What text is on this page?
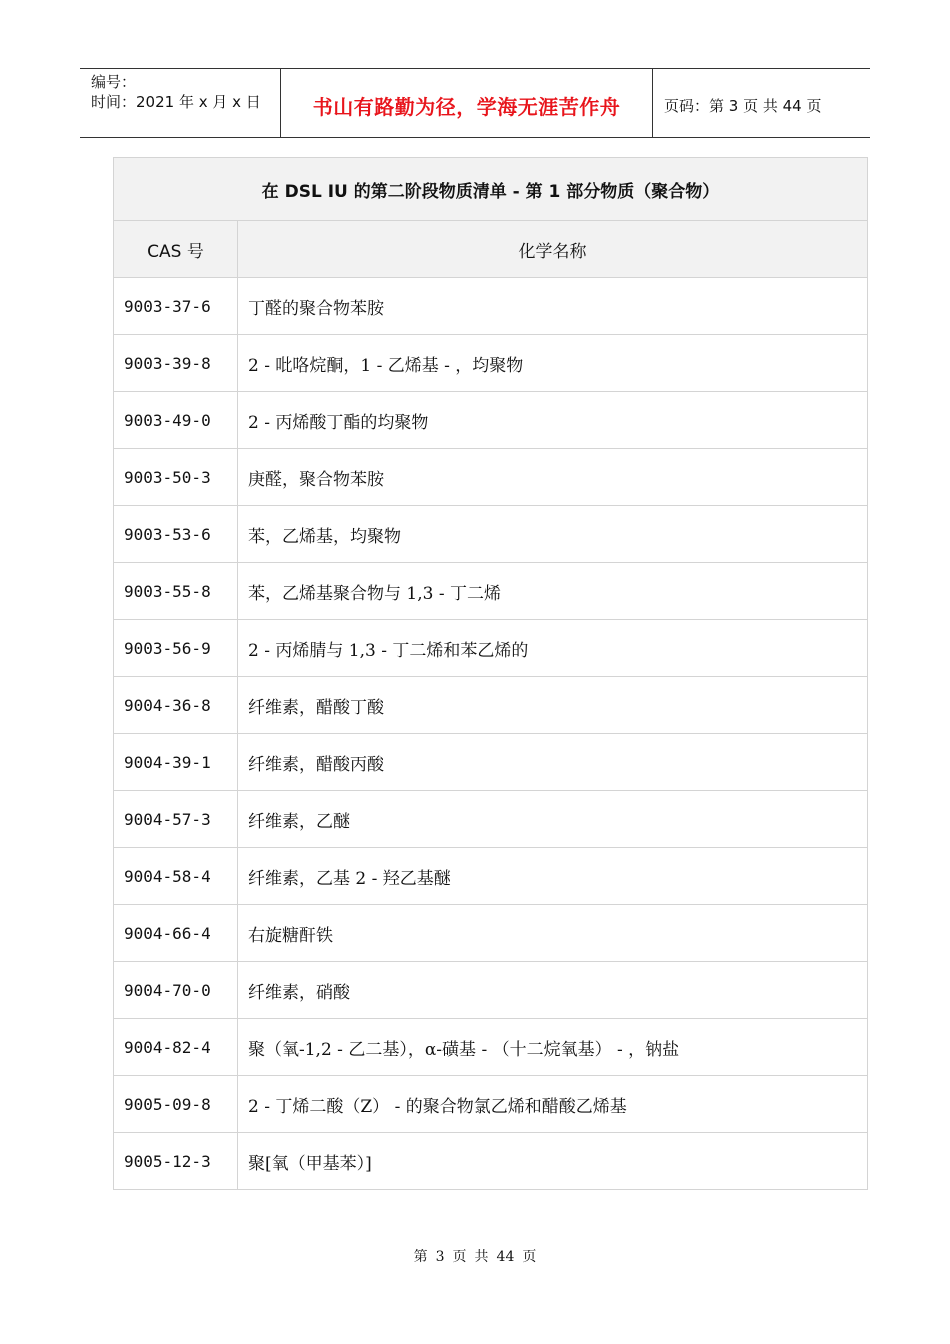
编号：
时间：2021 年 x 月 x 日	书山有路勤为径，学海无涯苦作舟	页码：第 3 页 共 44 页
在 DSL IU 的第二阶段物质清单 - 第 1 部分物质（聚合物）	
CAS 号	化学名称
9003-37-6	丁醛的聚合物苯胺
9003-39-8	2 - 吡咯烷酮，1 - 乙烯基 - ，均聚物
9003-49-0	2 - 丙烯酸丁酯的均聚物
9003-50-3	庚醛，聚合物苯胺
9003-53-6	苯，乙烯基，均聚物
9003-55-8	苯，乙烯基聚合物与 1,3 - 丁二烯
9003-56-9	2 - 丙烯腈与 1,3 - 丁二烯和苯乙烯的
9004-36-8	纤维素，醋酸丁酸
9004-39-1	纤维素，醋酸丙酸
9004-57-3	纤维素，乙醚
9004-58-4	纤维素，乙基 2 - 羟乙基醚
9004-66-4	右旋糖酐铁
9004-70-0	纤维素，硝酸
9004-82-4	聚（氧-1,2 - 乙二基），α-磺基 - （十二烷氧基） - ，钠盐
9005-09-8	2 - 丁烯二酸（Z） - 的聚合物氯乙烯和醋酸乙烯基
9005-12-3	聚[氧（甲基苯）]
第 3 页 共 44 页
